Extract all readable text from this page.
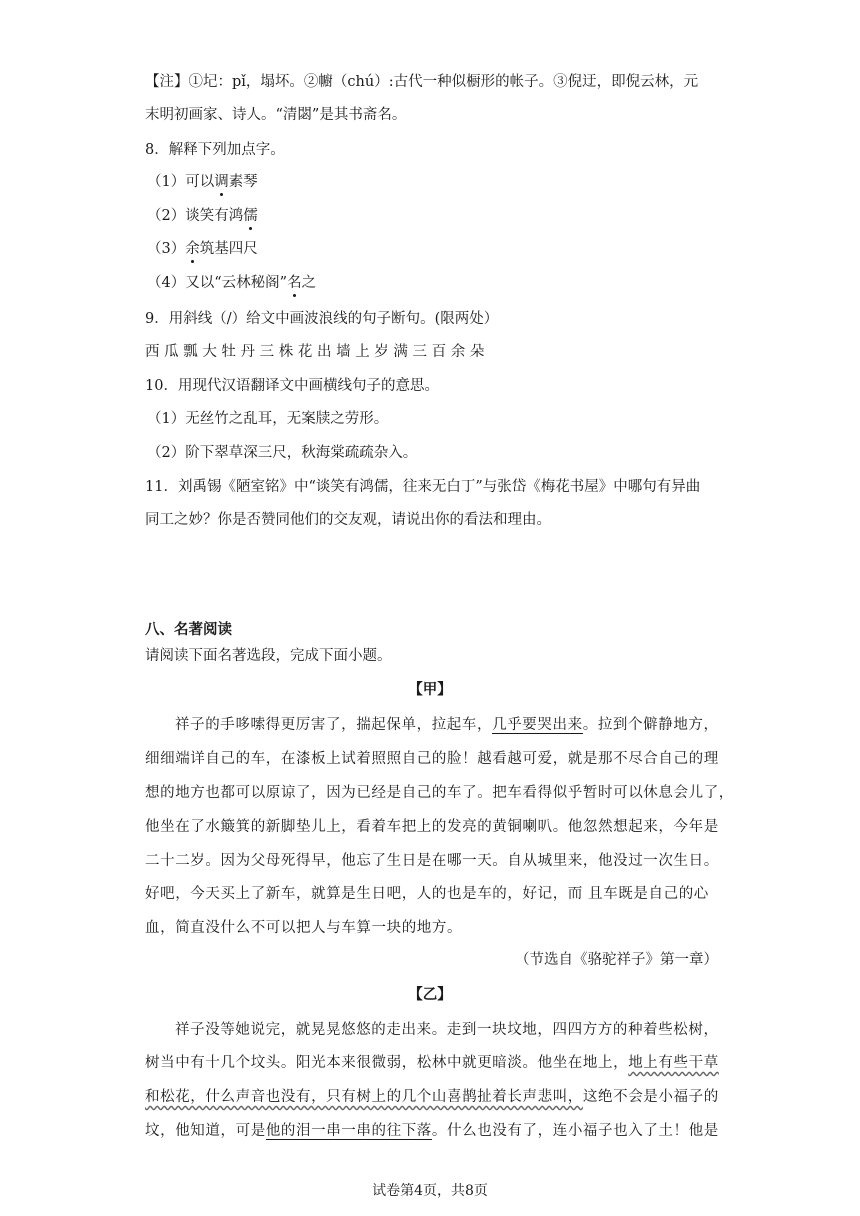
【注】①圮：pǐ，塌坏。②幮（chú）:古代一种似橱形的帐子。③倪迂，即倪云林，元
末明初画家、诗人。“清閟”是其书斋名。
8．解释下列加点字。
（1）可以调素琴
（2）谈笑有鸿儒
（3）余筑基四尺
（4）又以“云林秘阁”名之
9．用斜线（/）给文中画波浪线的句子断句。(限两处）
西 瓜 瓢 大 牡 丹 三 株 花 出 墙 上 岁 满 三 百 余 朵
10．用现代汉语翻译文中画横线句子的意思。
（1）无丝竹之乱耳，无案牍之劳形。
（2）阶下翠草深三尺，秋海棠疏疏杂入。
11．刘禹锡《陋室铭》中“谈笑有鸿儒，往来无白丁”与张岱《梅花书屋》中哪句有异曲
同工之妙？你是否赞同他们的交友观，请说出你的看法和理由。
八、名著阅读
请阅读下面名著选段，完成下面小题。
【甲】
祥子的手哆嗦得更厉害了，揣起保单，拉起车，几乎要哭出来。拉到个僻静地方，
细细端详自己的车，在漆板上试着照照自己的脸！越看越可爱，就是那不尽合自己的理
想的地方也都可以原谅了，因为已经是自己的车了。把车看得似乎暂时可以休息会儿了，
他坐在了水簸箕的新脚垫儿上，看着车把上的发亮的黄铜喇叭。他忽然想起来，今年是
二十二岁。因为父母死得早，他忘了生日是在哪一天。自从城里来，他没过一次生日。
好吧，今天买上了新车，就算是生日吧，人的也是车的，好记，而 且车既是自己的心
血，简直没什么不可以把人与车算一块的地方。
（节选自《骆驼祥子》第一章）
【乙】
祥子没等她说完，就晃晃悠悠的走出来。走到一块坟地，四四方方的种着些松树，
树当中有十几个坟头。阳光本来很微弱，松林中就更暗淡。他坐在地上，地上有些干草
和松花，什么声音也没有，只有树上的几个山喜鹊扯着长声悲叫，这绝不会是小福子的
坟，他知道，可是他的泪一串一串的往下落。什么也没有了，连小福子也入了土！他是
试卷第4页，共8页
